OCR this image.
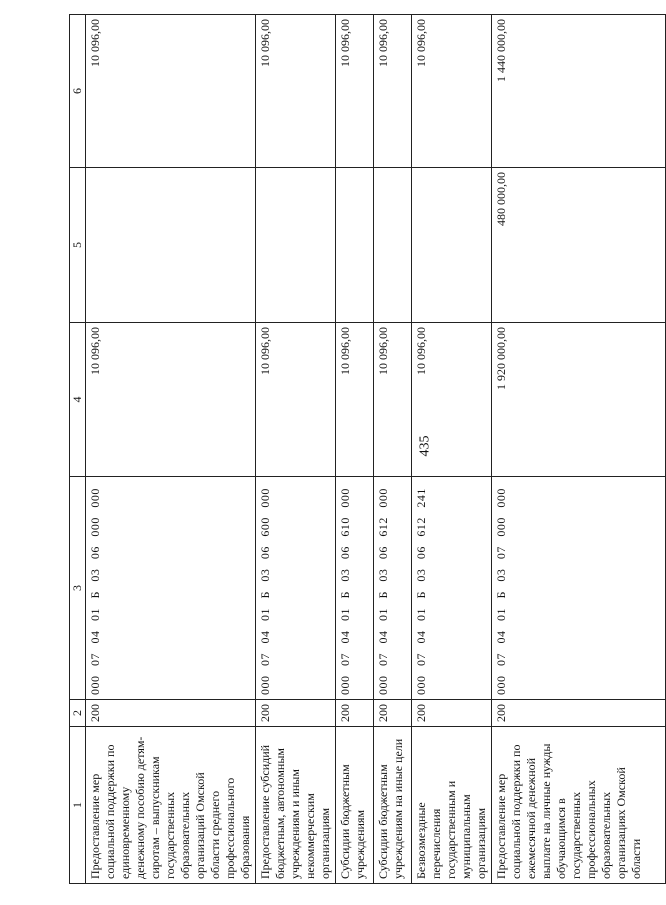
435
1	2	3	4	5	6
Предоставление мер социальной поддержки по единовременному денежному пособию детям-сиротам – выпускникам государственных образовательных организаций Омской области среднего профессионального образования	200	000 07 04 01 Б 03 06 000 000	10 096,00		10 096,00
Предоставление субсидий бюджетным, автономным учреждениям и иным некоммерческим организациям	200	000 07 04 01 Б 03 06 600 000	10 096,00		10 096,00
Субсидии бюджетным учреждениям	200	000 07 04 01 Б 03 06 610 000	10 096,00		10 096,00
Субсидии бюджетным учреждениям на иные цели	200	000 07 04 01 Б 03 06 612 000	10 096,00		10 096,00
Безвозмездные перечисления государственным и муниципальным организациям	200	000 07 04 01 Б 03 06 612 241	10 096,00		10 096,00
Предоставление мер социальной поддержки по ежемесячной денежной выплате на личные нужды обучающимся в государственных профессиональных образовательных организациях Омской области	200	000 07 04 01 Б 03 07 000 000	1 920 000,00	480 000,00	1 440 000,00
